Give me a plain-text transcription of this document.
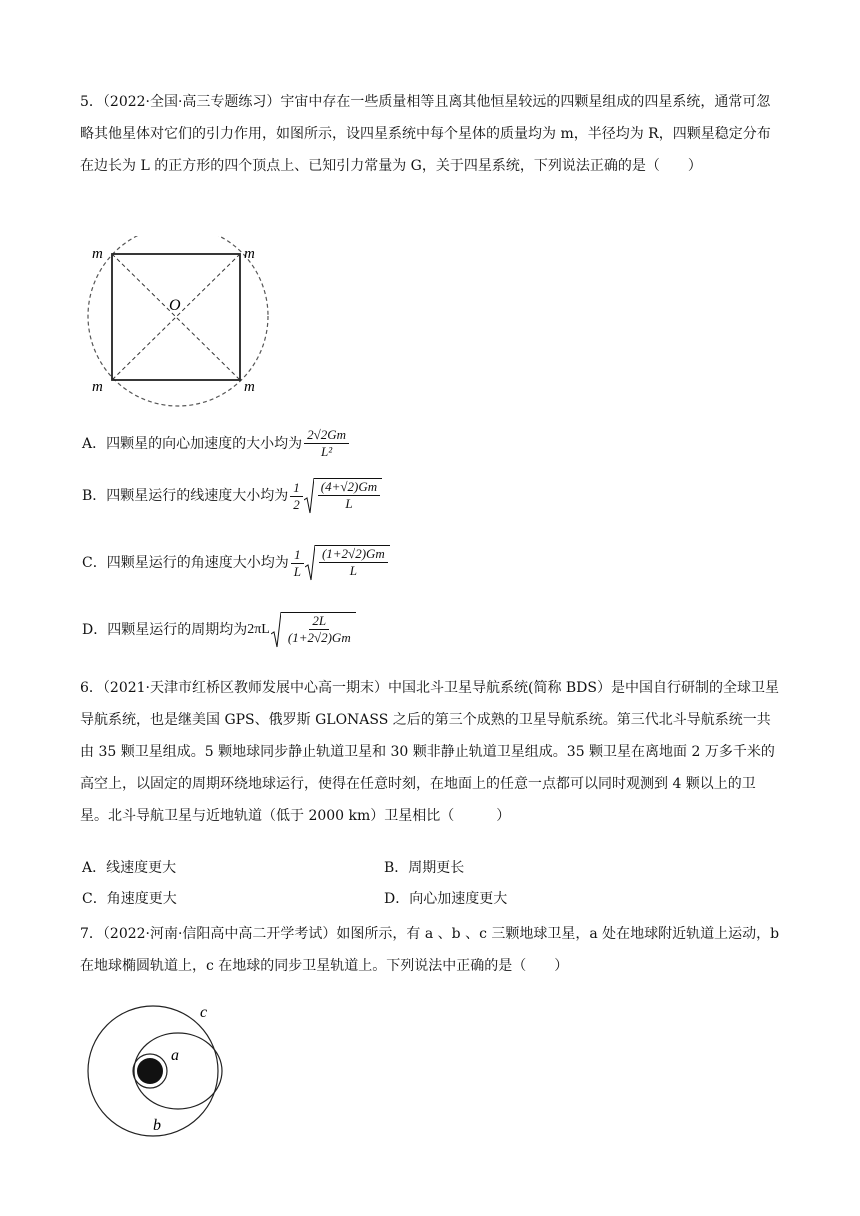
5．（2022·全国·高三专题练习）宇宙中存在一些质量相等且离其他恒星较远的四颗星组成的四星系统，通常可忽略其他星体对它们的引力作用，如图所示，设四星系统中每个星体的质量均为 m，半径均为 R，四颗星稳定分布在边长为 L 的正方形的四个顶点上、已知引力常量为 G，关于四星系统，下列说法正确的是（　　）
m	m
m	m
O
A．四颗星的向心加速度的大小均为 $\frac{2√2Gm}{\text{L²}}$
B．四颗星运行的线速度大小均为 $\frac{1}{2} \frac{(4+√2)Gm}{L}$
C．四颗星运行的角速度大小均为 $\frac{1}{L} \frac{(1+2√2)Gm}{L}$
D．四颗星运行的周期均为 $2\pi L \frac{2L}{(1+2√2)Gm}$
6．（2021·天津市红桥区教师发展中心高一期末）中国北斗卫星导航系统(简称 BDS）是中国自行研制的全球卫星导航系统，也是继美国 GPS、俄罗斯 GLONASS 之后的第三个成熟的卫星导航系统。第三代北斗导航系统一共由 35 颗卫星组成。5 颗地球同步静止轨道卫星和 30 颗非静止轨道卫星组成。35 颗卫星在离地面 2 万多千米的高空上，以固定的周期环绕地球运行，使得在任意时刻，在地面上的任意一点都可以同时观测到 4 颗以上的卫星。北斗导航卫星与近地轨道（低于 2000 km）卫星相比（　　　）
A．线速度更大	B．周期更长
C．角速度更大	D．向心加速度更大
7．（2022·河南·信阳高中高二开学考试）如图所示，有 a 、b 、c 三颗地球卫星，a 处在地球附近轨道上运动，b 在地球椭圆轨道上，c 在地球的同步卫星轨道上。下列说法中正确的是（　　）
a
b
c
